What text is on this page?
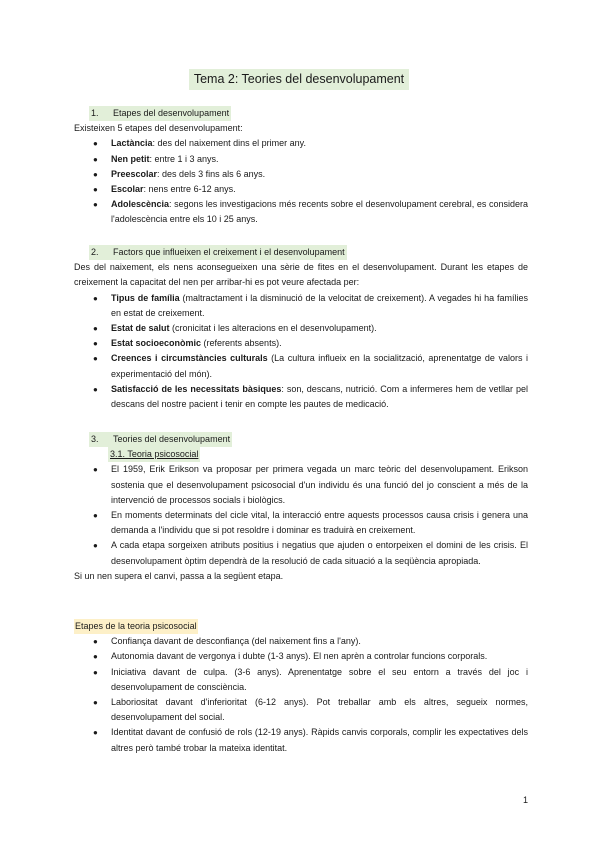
Tema 2: Teories del desenvolupament
1. Etapes del desenvolupament

Existeixen 5 etapes del desenvolupament:

● Lactància: des del naixement dins el primer any.
● Nen petit: entre 1 i 3 anys.
● Preescolar: des dels 3 fins als 6 anys.
● Escolar: nens entre 6-12 anys.
● Adolescència: segons les investigacions més recents sobre el desenvolupament cerebral, es considera l'adolescència entre els 10 i 25 anys.
2. Factors que influeixen el creixement i el desenvolupament

Des del naixement, els nens aconsegueixen una sèrie de fites en el desenvolupament. Durant les etapes de creixement la capacitat del nen per arribar-hi es pot veure afectada per:

● Tipus de família (maltractament i la disminució de la velocitat de creixement). A vegades hi ha famílies en estat de creixement.
● Estat de salut (cronicitat i les alteracions en el desenvolupament).
● Estat socioeconòmic (referents absents).
● Creences i circumstàncies culturals (La cultura influeix en la socialització, aprenentatge de valors i experimentació del món).
● Satisfacció de les necessitats bàsiques: son, descans, nutrició. Com a infermeres hem de vetllar pel descans del nostre pacient i tenir en compte les pautes de medicació.
3. Teories del desenvolupament
3.1. Teoria psicosocial
● El 1959, Erik Erikson va proposar per primera vegada un marc teòric del desenvolupament. Erikson sostenia que el desenvolupament psicosocial d'un individu és una funció del jo conscient a més de la intervenció de processos socials i biològics.
● En moments determinats del cicle vital, la interacció entre aquests processos causa crisis i genera una demanda a l'individu que si pot resoldre i dominar es traduirà en creixement.
● A cada etapa sorgeixen atributs positius i negatius que ajuden o entorpeixen el domini de les crisis. El desenvolupament òptim dependrà de la resolució de cada situació a la seqüència apropiada.

Si un nen supera el canvi, passa a la següent etapa.

Etapes de la teoria psicosocial
● Confiança davant de desconfiança (del naixement fins a l'any).
● Autonomia davant de vergonya i dubte (1-3 anys). El nen aprèn a controlar funcions corporals.
● Iniciativa davant de culpa. (3-6 anys). Aprenentatge sobre el seu entorn a través del joc i desenvolupament de consciència.
● Laboriositat davant d'inferioritat (6-12 anys). Pot treballar amb els altres, segueix normes, desenvolupament del social.
● Identitat davant de confusió de rols (12-19 anys). Ràpids canvis corporals, complir les expectatives dels altres però també trobar la mateixa identitat.
1
